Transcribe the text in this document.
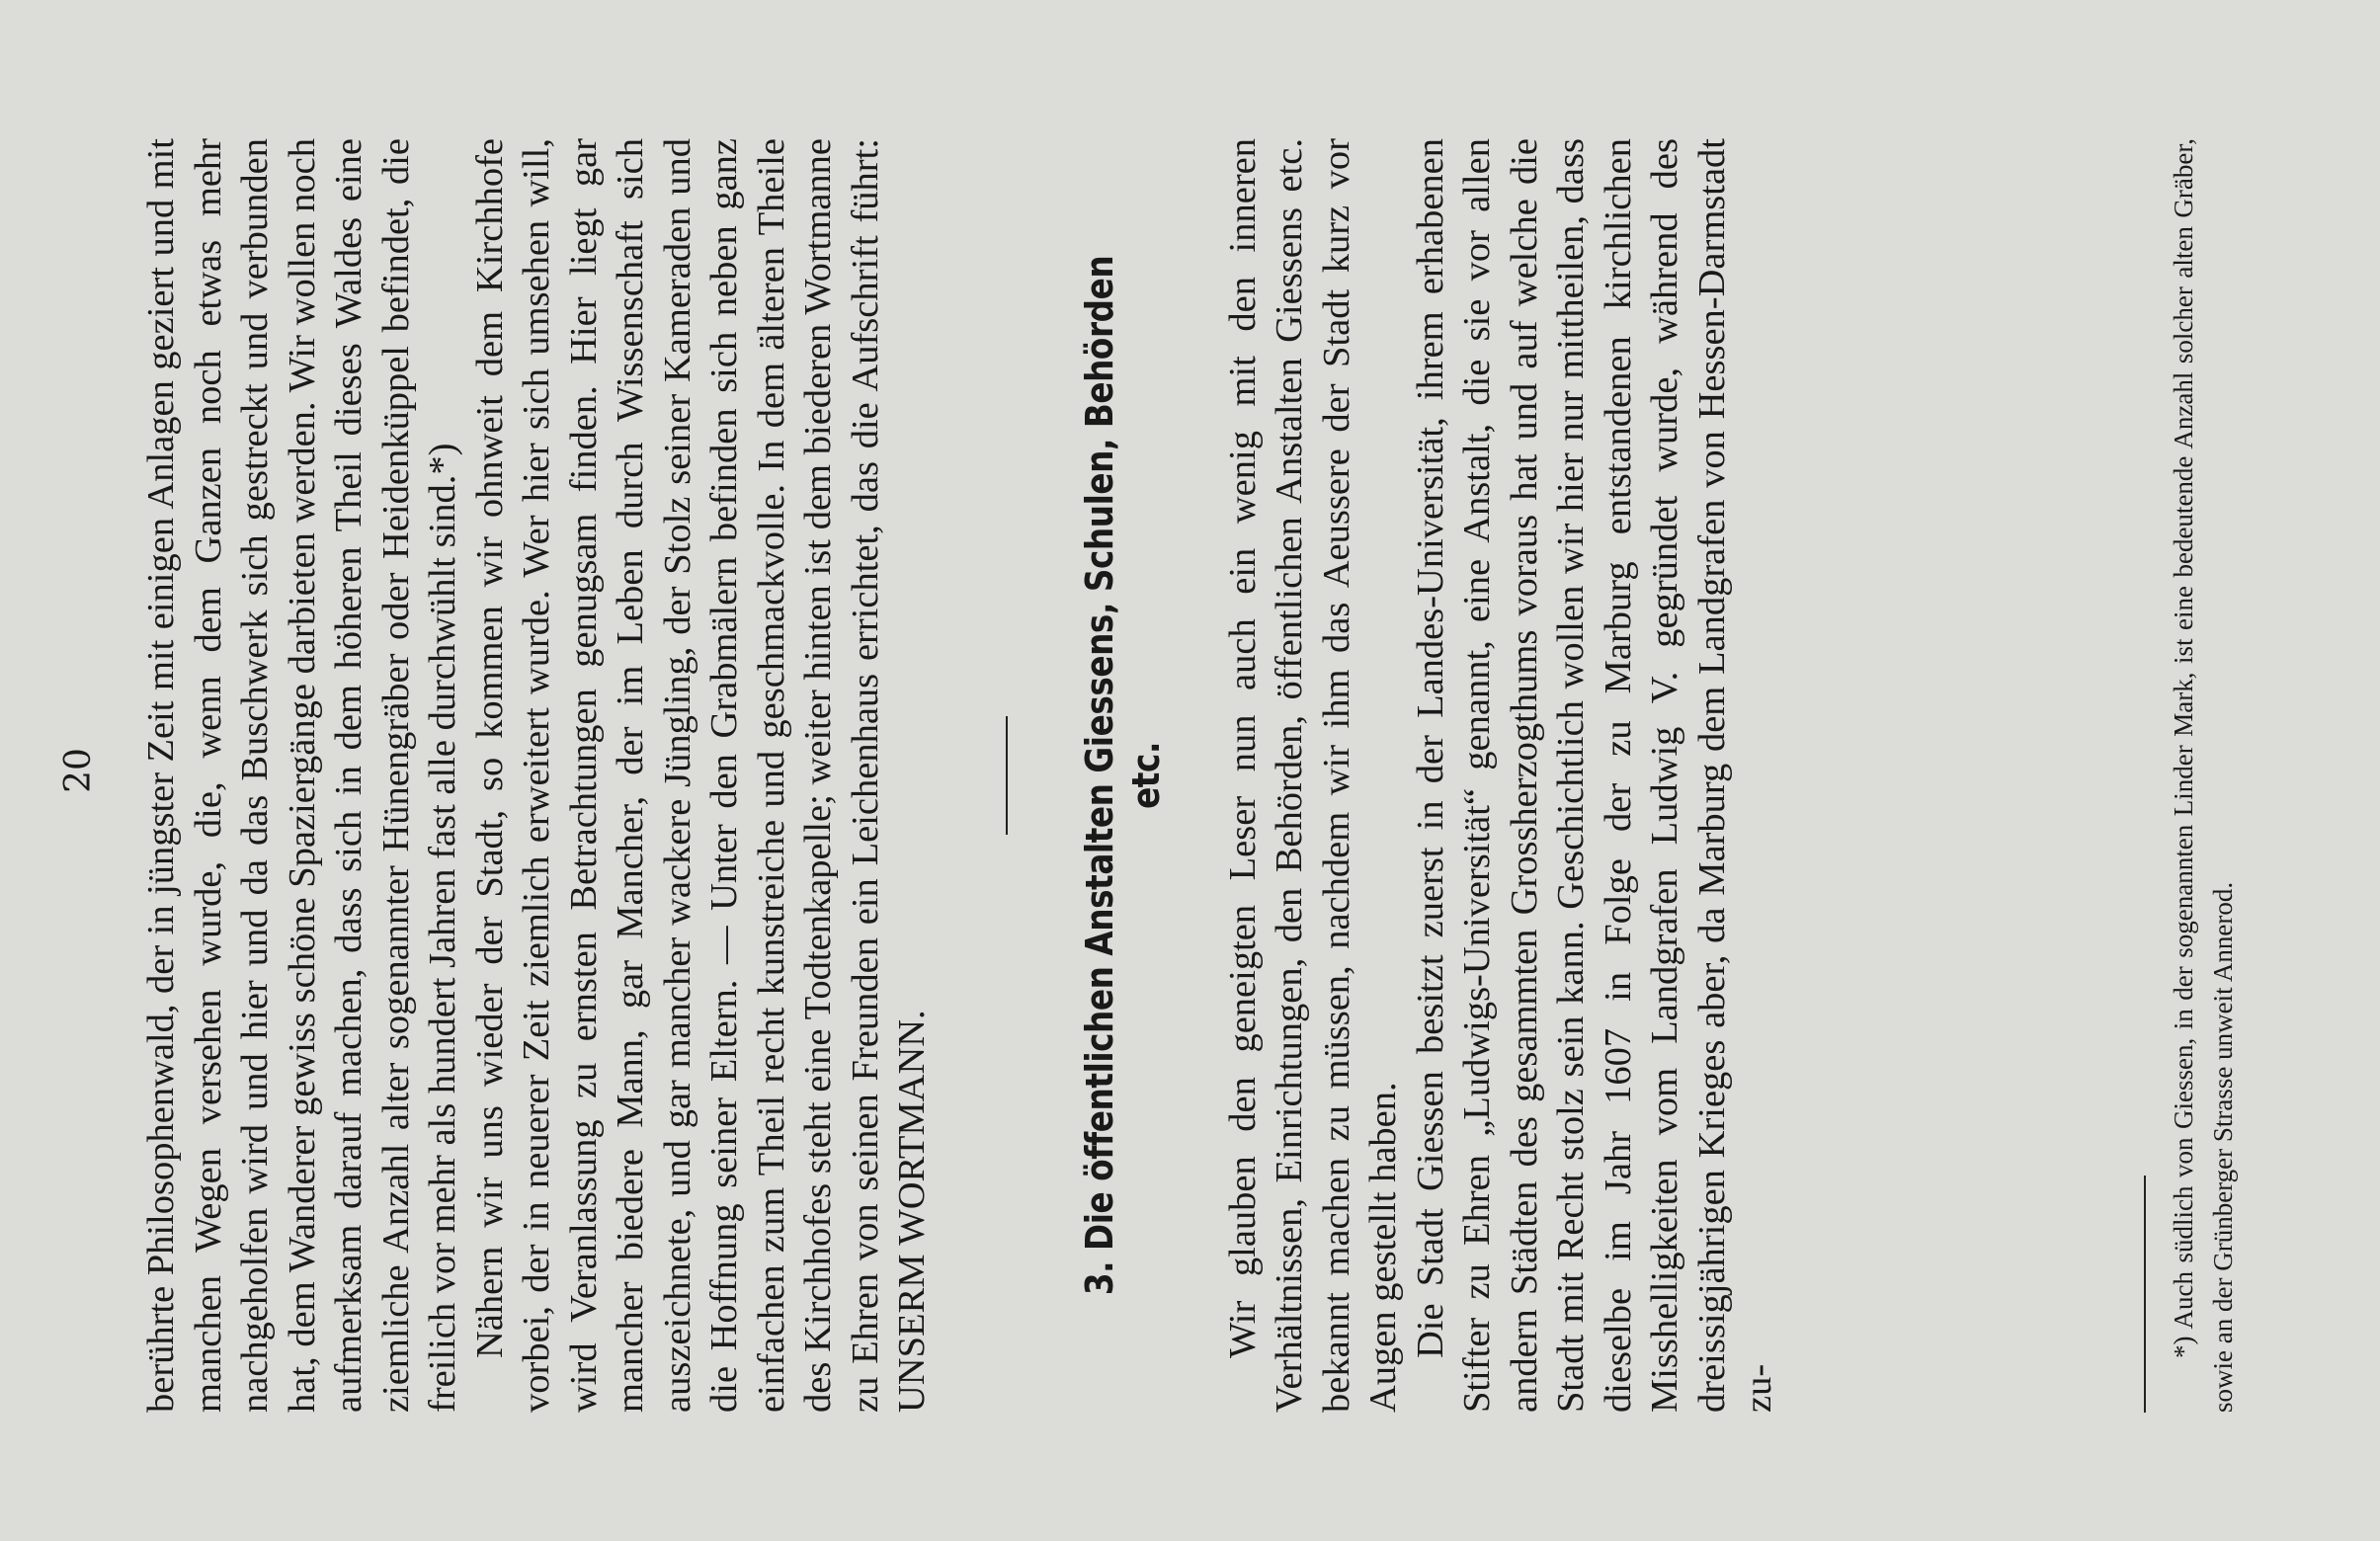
20 berührte Philosophenwald, der in jüngster Zeit mit einigen Anlagen geziert und mit manchen Wegen versehen wurde, die, wenn dem Ganzen noch etwas mehr nachgeholfen wird und hier und da das Buschwerk sich gestreckt und verbunden hat, dem Wanderer gewiss schöne Spaziergänge darbieten werden. Wir wollen noch aufmerksam darauf machen, dass sich in dem höheren Theil dieses Waldes eine ziemliche Anzahl alter sogenannter Hünengräber oder Heidenküppel befindet, die freilich vor mehr als hundert Jahren fast alle durchwühlt sind.*) Nähern wir uns wieder der Stadt, so kommen wir ohnweit dem Kirchhofe vorbei, der in neuerer Zeit ziemlich erweitert wurde. Wer hier sich umsehen will, wird Veranlassung zu ernsten Betrachtungen genugsam finden. Hier liegt gar mancher biedere Mann, gar Mancher, der im Leben durch Wissenschaft sich auszeichnete, und gar mancher wackere Jüngling, der Stolz seiner Kameraden und die Hoffnung seiner Eltern. — Unter den Grabmälern befinden sich neben ganz einfachen zum Theil recht kunstreiche und geschmackvolle. In dem älteren Theile des Kirchhofes steht eine Todtenkapelle; weiter hinten ist dem biederen Wortmanne zu Ehren von seinen Freunden ein Leichenhaus errichtet, das die Aufschrift führt: UNSERM WORTMANN.	3. Die öffentlichen Anstalten Giessens, Schulen, Behörden etc. Wir glauben den geneigten Leser nun auch ein wenig mit den inneren Verhältnissen, Einrichtungen, den Behörden, öffentlichen Anstalten Giessens etc. bekannt machen zu müssen, nachdem wir ihm das Aeussere der Stadt kurz vor Augen gestellt haben. Die Stadt Giessen besitzt zuerst in der Landes-Universität, ihrem erhabenen Stifter zu Ehren „Ludwigs-Universität“ genannt, eine Anstalt, die sie vor allen andern Städten des gesammten Grossherzogthums voraus hat und auf welche die Stadt mit Recht stolz sein kann. Geschichtlich wollen wir hier nur mittheilen, dass dieselbe im Jahr 1607 in Folge der zu Marburg entstandenen kirchlichen Misshelligkeiten vom Landgrafen Ludwig V. gegründet wurde, während des dreissigjährigen Krieges aber, da Marburg dem Landgrafen von Hessen-Darmstadt zu-

*) Auch südlich von Giessen, in der sogenannten Linder Mark, ist eine bedeutende Anzahl solcher alten Gräber, sowie an der Grünberger Strasse unweit Annerod.
